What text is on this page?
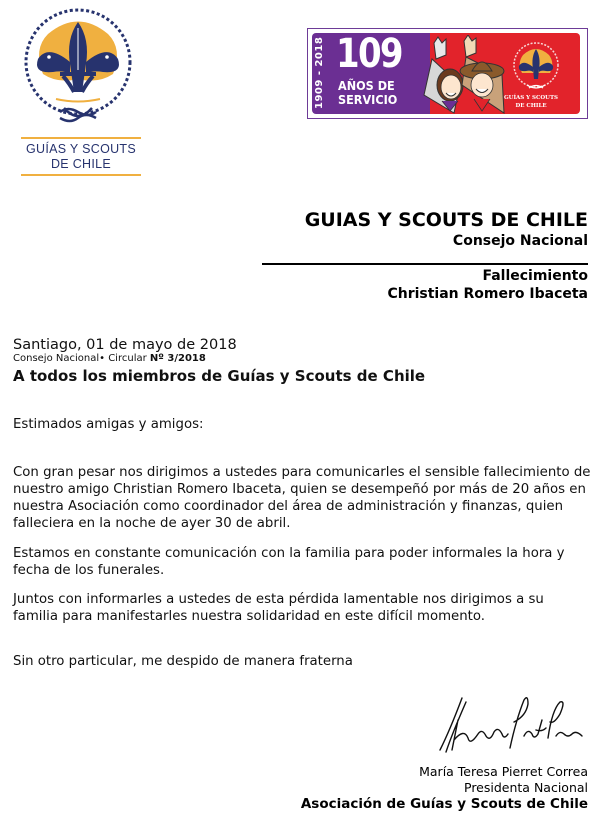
GUÍAS Y SCOUTS
DE CHILE
1909 - 2018 109
AÑOS DE
SERVICIO	GUÍAS Y SCOUTS
DE CHILE
GUIAS Y SCOUTS DE CHILE
Consejo Nacional
Fallecimiento
Christian Romero Ibaceta
Santiago, 01 de mayo de 2018
Consejo Nacional• Circular Nº 3/2018
A todos los miembros de Guías y Scouts de Chile
Estimados amigas y amigos:
Con gran pesar nos dirigimos a ustedes para comunicarles el sensible fallecimiento de nuestro amigo Christian Romero Ibaceta, quien se desempeñó por más de 20 años en nuestra Asociación como coordinador del área de administración y finanzas, quien falleciera en la noche de ayer 30 de abril.
Estamos en constante comunicación con la familia para poder informales la hora y fecha de los funerales.
Juntos con informarles a ustedes de esta pérdida lamentable nos dirigimos a su familia para manifestarles nuestra solidaridad en este difícil momento.
Sin otro particular, me despido de manera fraterna
María Teresa Pierret Correa
Presidenta Nacional
Asociación de Guías y Scouts de Chile
